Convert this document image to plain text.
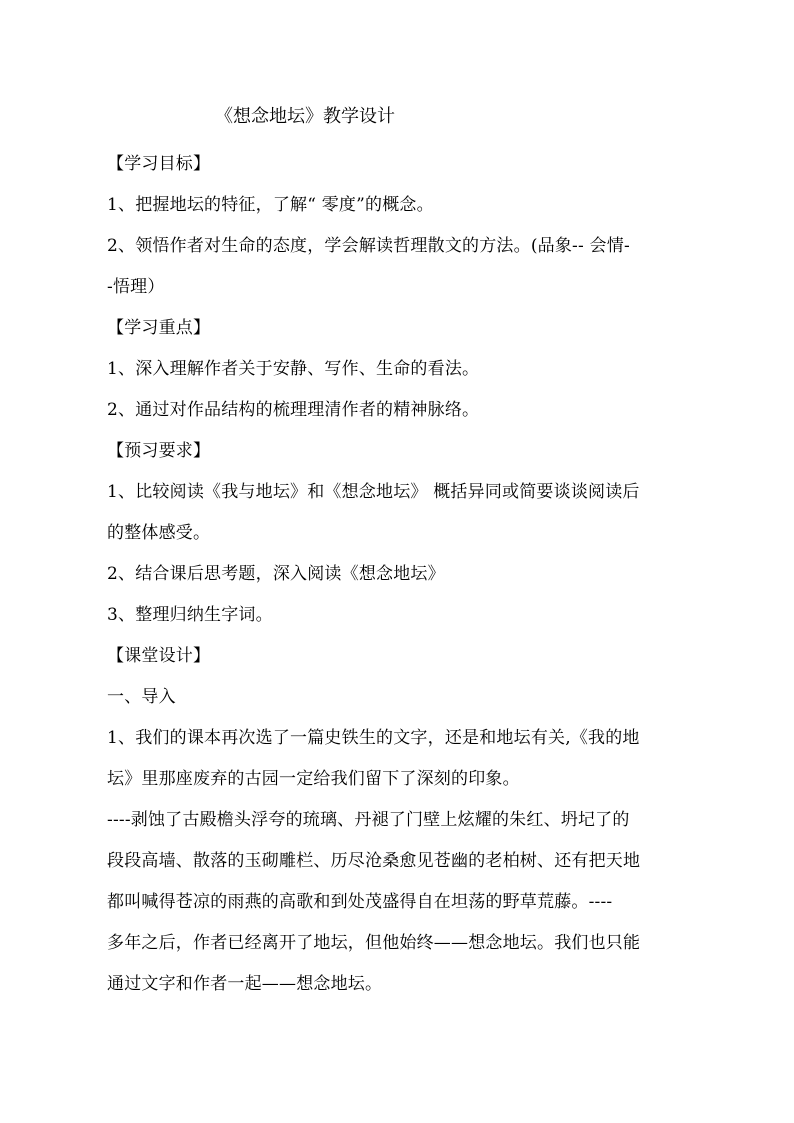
《想念地坛》教学设计
【学习目标】
1、把握地坛的特征，了解“ 零度”的概念。
2、领悟作者对生命的态度，学会解读哲理散文的方法。(品象-- 会情-
-悟理）
【学习重点】
1、深入理解作者关于安静、写作、生命的看法。
2、通过对作品结构的梳理理清作者的精神脉络。
【预习要求】
1、比较阅读《我与地坛》和《想念地坛》 概括异同或简要谈谈阅读后
的整体感受。
2、结合课后思考题，深入阅读《想念地坛》
3、整理归纳生字词。
【课堂设计】
一、导入
1、我们的课本再次选了一篇史铁生的文字，还是和地坛有关,《我的地
坛》里那座废弃的古园一定给我们留下了深刻的印象。
----剥蚀了古殿檐头浮夸的琉璃、丹褪了门壁上炫耀的朱红、坍圮了的
段段高墙、散落的玉砌雕栏、历尽沧桑愈见苍幽的老柏树、还有把天地
都叫喊得苍凉的雨燕的高歌和到处茂盛得自在坦荡的野草荒藤。----
多年之后，作者已经离开了地坛，但他始终——想念地坛。我们也只能
通过文字和作者一起——想念地坛。
